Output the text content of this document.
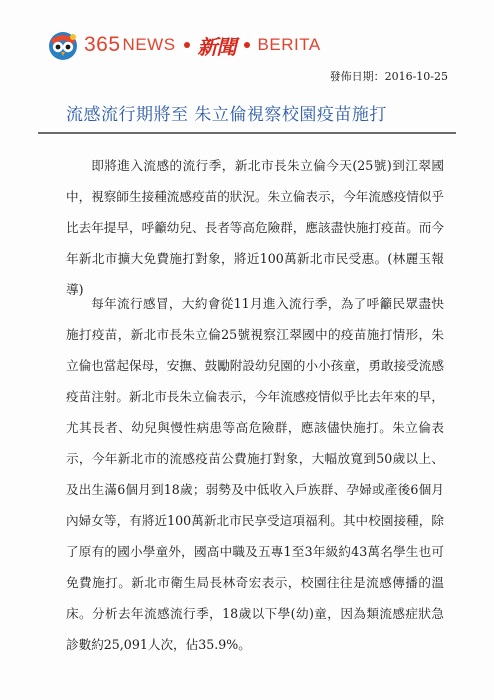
365 NEWS 新聞 BERITA
發佈日期：2016-10-25
流感流行期將至 朱立倫視察校園疫苗施打

即將進入流感的流行季，新北市長朱立倫今天(25號)到江翠國中，視察師生接種流感疫苗的狀況。朱立倫表示，今年流感疫情似乎比去年提早，呼籲幼兒、長者等高危險群，應該盡快施打疫苗。而今年新北市擴大免費施打對象，將近100萬新北市民受惠。(林麗玉報導)

每年流行感冒，大約會從11月進入流行季，為了呼籲民眾盡快施打疫苗，新北市長朱立倫25號視察江翠國中的疫苗施打情形，朱立倫也當起保母，安撫、鼓勵附設幼兒園的小小孩童，勇敢接受流感疫苗注射。新北市長朱立倫表示，今年流感疫情似乎比去年來的早，尤其長者、幼兒與慢性病患等高危險群，應該儘快施打。朱立倫表示，今年新北市的流感疫苗公費施打對象，大幅放寬到50歲以上、及出生滿6個月到18歲；弱勢及中低收入戶族群、孕婦或產後6個月內婦女等，有將近100萬新北市民享受這項福利。其中校園接種，除了原有的國小學童外，國高中職及五專1至3年級約43萬名學生也可免費施打。新北市衛生局長林奇宏表示，校園往往是流感傳播的溫床。分析去年流感流行季，18歲以下學(幼)童，因為類流感症狀急診數約25,091人次，佔35.9%。
